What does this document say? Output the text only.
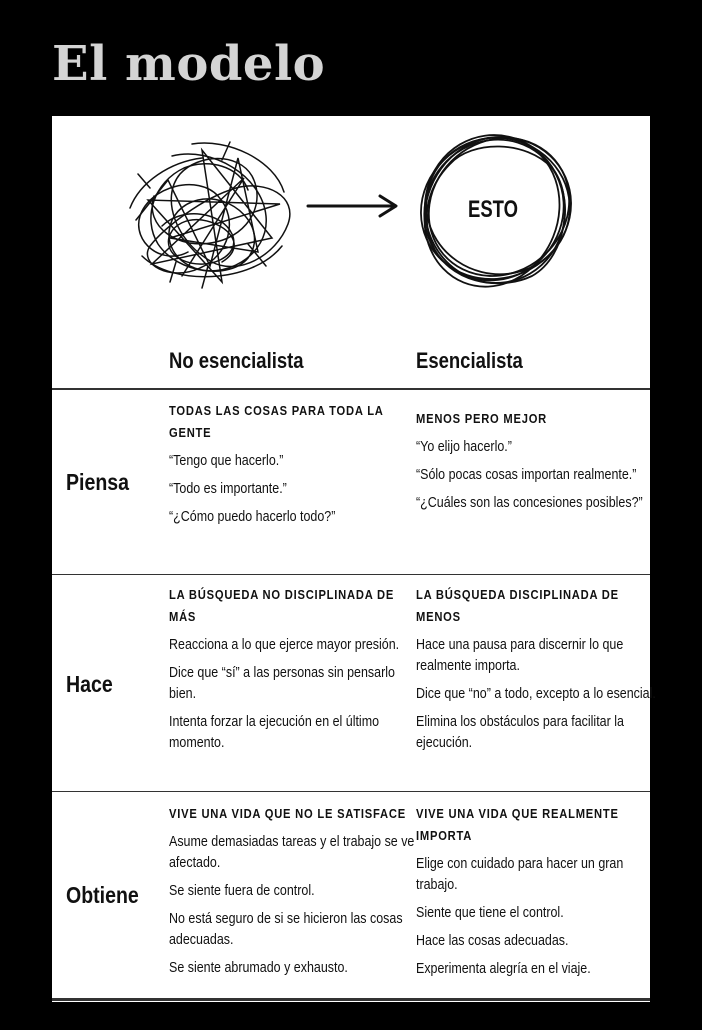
El modelo
ESTO
No esencialista	Esencialista
Piensa
TODAS LAS COSAS PARA TODA LA GENTE
“Tengo que hacerlo.”
“Todo es importante.”
“¿Cómo puedo hacerlo todo?”
MENOS PERO MEJOR
“Yo elijo hacerlo.”
“Sólo pocas cosas importan realmente.”
“¿Cuáles son las concesiones posibles?”
Hace
LA BÚSQUEDA NO DISCIPLINADA DE MÁS
Reacciona a lo que ejerce mayor presión.
Dice que “sí” a las personas sin pensarlo bien.
Intenta forzar la ejecución en el último momento.
LA BÚSQUEDA DISCIPLINADA DE MENOS
Hace una pausa para discernir lo que realmente importa.
Dice que “no” a todo, excepto a lo esencial.
Elimina los obstáculos para facilitar la ejecución.
Obtiene
VIVE UNA VIDA QUE NO LE SATISFACE
Asume demasiadas tareas y el trabajo se ve afectado.
Se siente fuera de control.
No está seguro de si se hicieron las cosas adecuadas.
Se siente abrumado y exhausto.
VIVE UNA VIDA QUE REALMENTE IMPORTA
Elige con cuidado para hacer un gran trabajo.
Siente que tiene el control.
Hace las cosas adecuadas.
Experimenta alegría en el viaje.
